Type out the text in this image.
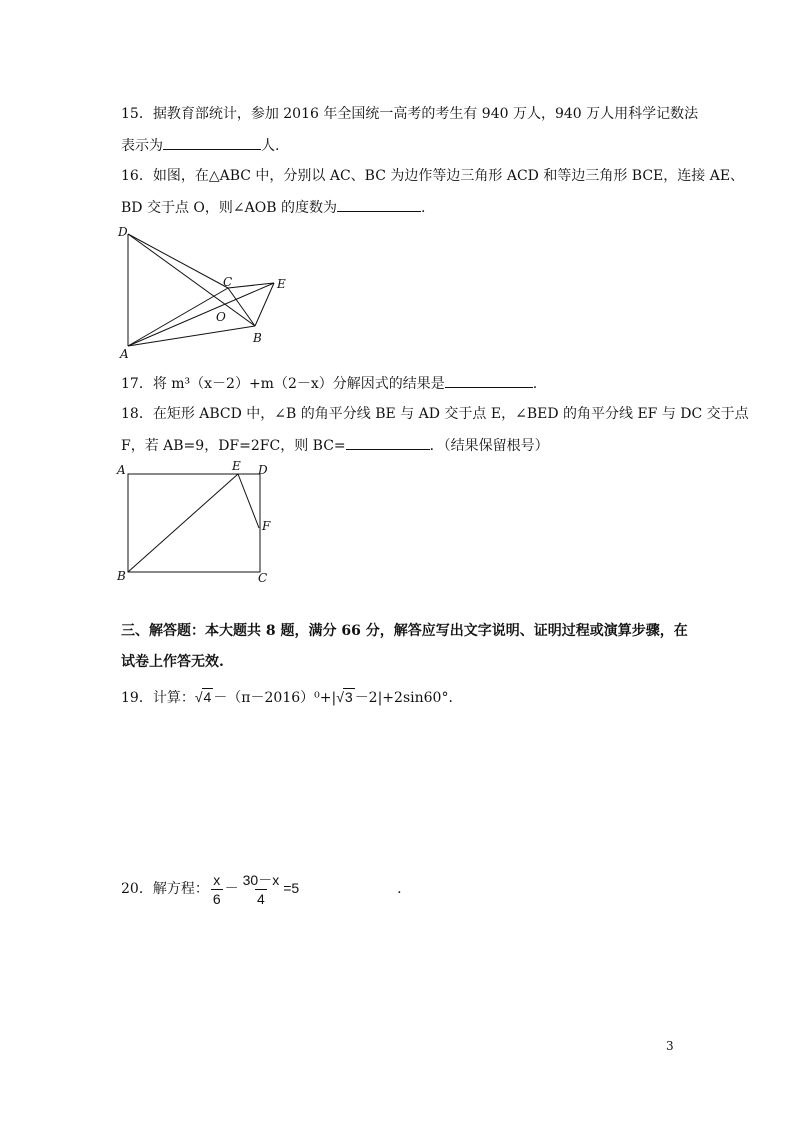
15．据教育部统计，参加 2016 年全国统一高考的考生有 940 万人，940 万人用科学记数法
表示为	人.
16．如图，在△ABC 中，分别以 AC、BC 为边作等边三角形 ACD 和等边三角形 BCE，连接 AE、
BD 交于点 O，则∠AOB 的度数为	.
D
C	E
O
A
B
17．将 m³（x－2）+m（2－x）分解因式的结果是	.
18．在矩形 ABCD 中，∠B 的角平分线 BE 与 AD 交于点 E，∠BED 的角平分线 EF 与 DC 交于点
F，若 AB=9，DF=2FC，则 BC=	．（结果保留根号）
A	E D
F
B	C
三、解答题：本大题共 8 题，满分 66 分，解答应写出文字说明、证明过程或演算步骤，在
试卷上作答无效.
19．计算：√4 －（π－2016）⁰+|√3 －2|+2sin60°．
20．解方程： $\frac{x}{6} - \frac{30-x}{4} =5$	.
3
